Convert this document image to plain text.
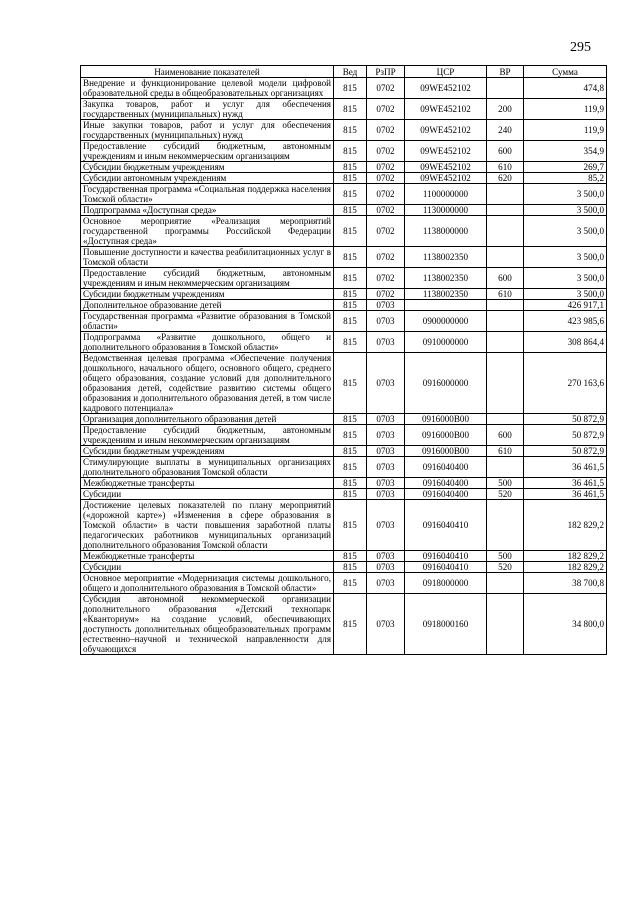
295
Наименование показателей	Вед	РзПР	ЦСР	ВР	Сумма
Внедрение и функционирование целевой модели цифровой образовательной среды в общеобразовательных организациях	815	0702	09WE452102		474,8
Закупка товаров, работ и услуг для обеспечения государственных (муниципальных) нужд	815	0702	09WE452102	200	119,9
Иные закупки товаров, работ и услуг для обеспечения государственных (муниципальных) нужд	815	0702	09WE452102	240	119,9
Предоставление субсидий бюджетным, автономным учреждениям и иным некоммерческим организациям	815	0702	09WE452102	600	354,9
Субсидии бюджетным учреждениям	815	0702	09WE452102	610	269,7
Субсидии автономным учреждениям	815	0702	09WE452102	620	85,2
Государственная программа «Социальная поддержка населения Томской области»	815	0702	1100000000		3 500,0
Подпрограмма «Доступная среда»	815	0702	1130000000		3 500,0
Основное мероприятие «Реализация мероприятий государственной программы Российской Федерации «Доступная среда»	815	0702	1138000000		3 500,0
Повышение доступности и качества реабилитационных услуг в Томской области	815	0702	1138002350		3 500,0
Предоставление субсидий бюджетным, автономным учреждениям и иным некоммерческим организациям	815	0702	1138002350	600	3 500,0
Субсидии бюджетным учреждениям	815	0702	1138002350	610	3 500,0
Дополнительное образование детей	815	0703			426 917,1
Государственная программа «Развитие образования в Томской области»	815	0703	0900000000		423 985,6
Подпрограмма «Развитие дошкольного, общего и дополнительного образования в Томской области»	815	0703	0910000000		308 864,4
Ведомственная целевая программа «Обеспечение получения дошкольного, начального общего, основного общего, среднего общего образования, создание условий для дополнительного образования детей, содействие развитию системы общего образования и дополнительного образования детей, в том числе кадрового потенциала»	815	0703	0916000000		270 163,6
Организация дополнительного образования детей	815	0703	0916000В00		50 872,9
Предоставление субсидий бюджетным, автономным учреждениям и иным некоммерческим организациям	815	0703	0916000В00	600	50 872,9
Субсидии бюджетным учреждениям	815	0703	0916000В00	610	50 872,9
Стимулирующие выплаты в муниципальных организациях дополнительного образования Томской области	815	0703	0916040400		36 461,5
Межбюджетные трансферты	815	0703	0916040400	500	36 461,5
Субсидии	815	0703	0916040400	520	36 461,5
Достижение целевых показателей по плану мероприятий («дорожной карте») «Изменения в сфере образования в Томской области» в части повышения заработной платы педагогических работников муниципальных организаций дополнительного образования Томской области	815	0703	0916040410		182 829,2
Межбюджетные трансферты	815	0703	0916040410	500	182 829,2
Субсидии	815	0703	0916040410	520	182 829,2
Основное мероприятие «Модернизация системы дошкольного, общего и дополнительного образования в Томской области»	815	0703	0918000000		38 700,8
Субсидия автономной некоммерческой организации дополнительного образования «Детский технопарк «Кванториум» на создание условий, обеспечивающих доступность дополнительных общеобразовательных программ естественно–научной и технической направленности для обучающихся	815	0703	0918000160		34 800,0
